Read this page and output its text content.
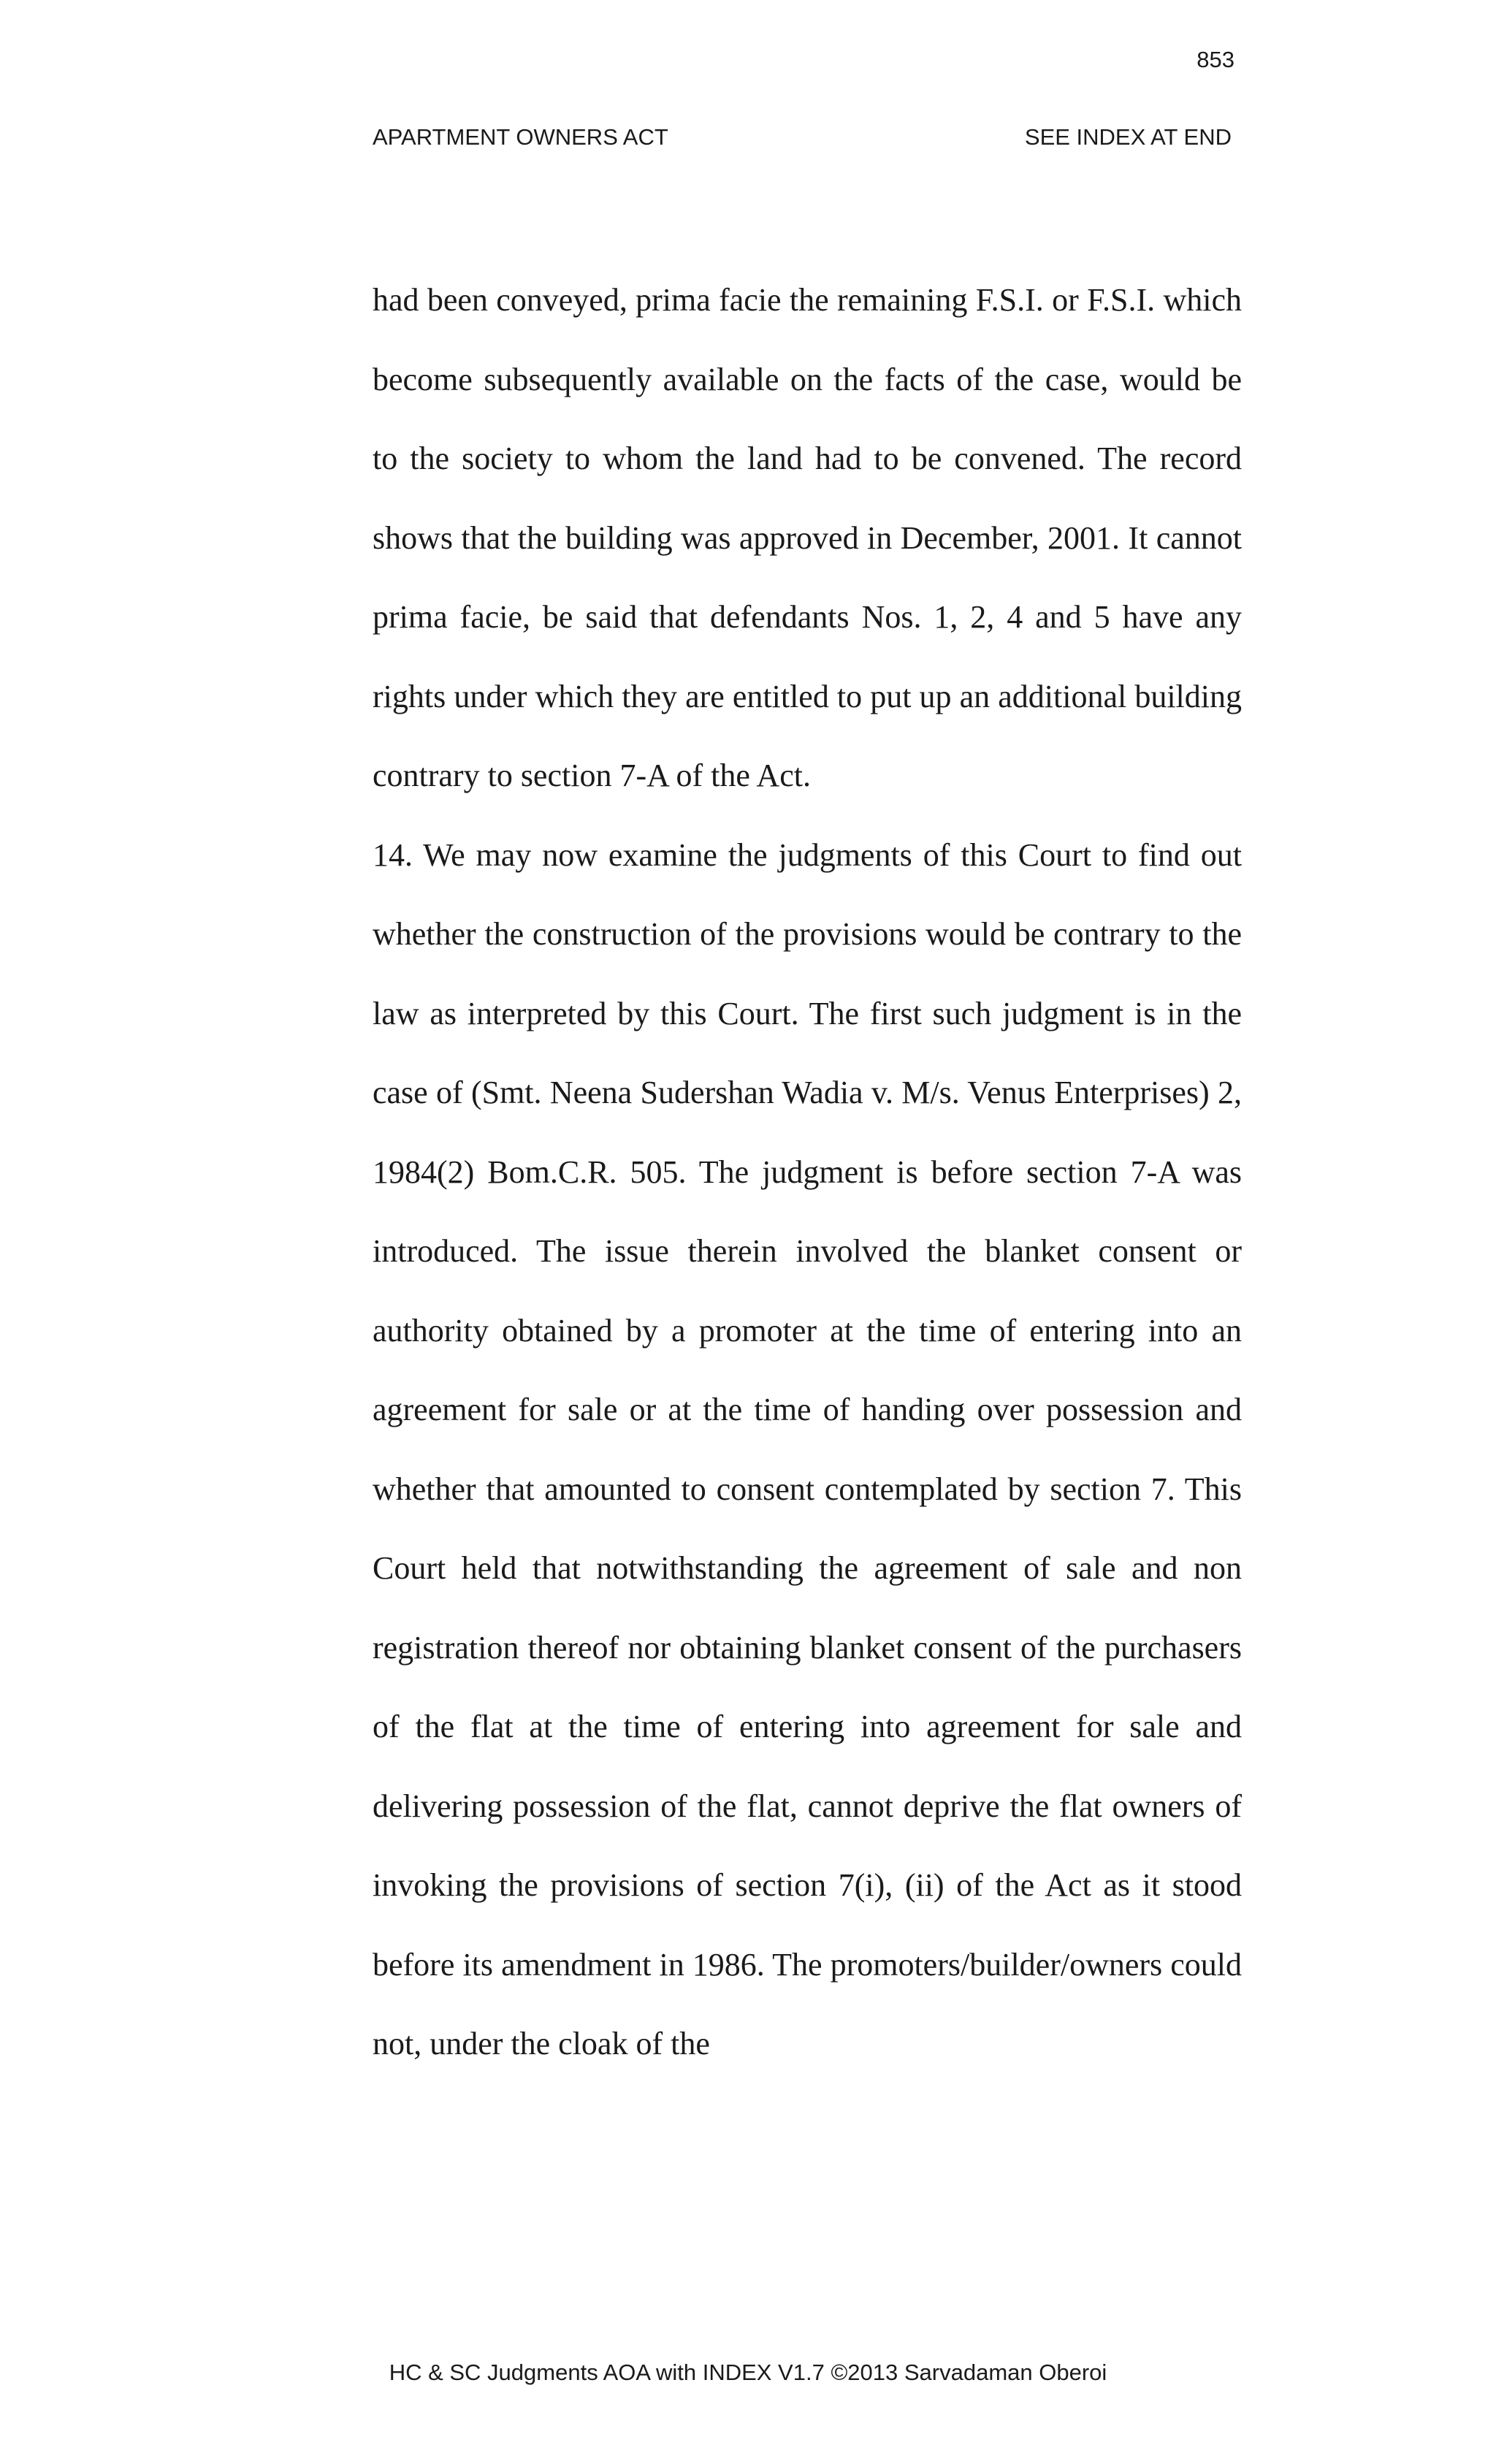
853
APARTMENT OWNERS ACT	SEE INDEX AT END

had been conveyed, prima facie the remaining F.S.I. or F.S.I. which become subsequently available on the facts of the case, would be to the society to whom the land had to be convened. The record shows that the building was approved in December, 2001. It cannot prima facie, be said that defendants Nos. 1, 2, 4 and 5 have any rights under which they are entitled to put up an additional building contrary to section 7-A of the Act.

14. We may now examine the judgments of this Court to find out whether the construction of the provisions would be contrary to the law as interpreted by this Court. The first such judgment is in the case of (Smt. Neena Sudershan Wadia v. M/s. Venus Enterprises) 2, 1984(2) Bom.C.R. 505. The judgment is before section 7-A was introduced. The issue therein involved the blanket consent or authority obtained by a promoter at the time of entering into an agreement for sale or at the time of handing over possession and whether that amounted to consent contemplated by section 7. This Court held that notwithstanding the agreement of sale and non registration thereof nor obtaining blanket consent of the purchasers of the flat at the time of entering into agreement for sale and delivering possession of the flat, cannot deprive the flat owners of invoking the provisions of section 7(i), (ii) of the Act as it stood before its amendment in 1986. The promoters/builder/owners could not, under the cloak of the

HC & SC Judgments AOA with INDEX V1.7 ©2013 Sarvadaman Oberoi
